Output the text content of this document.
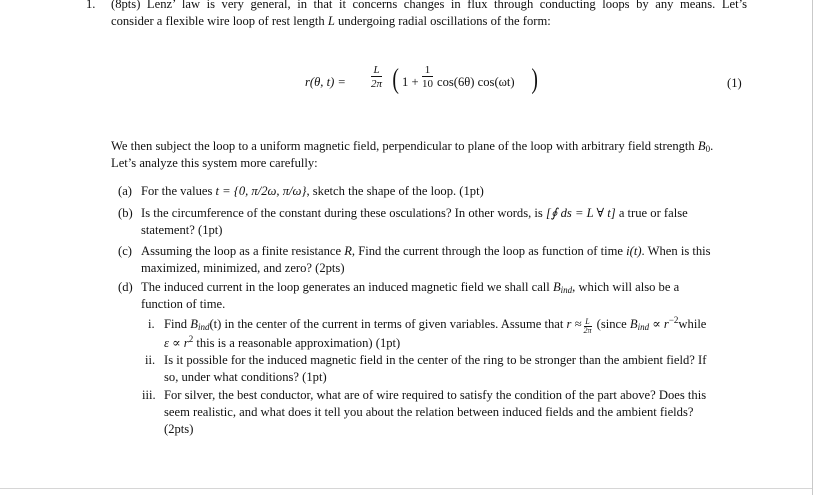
1. (8pts) Lenz’ law is very general, in that it concerns changes in flux through conducting loops by any means. Let’s
consider a flexible wire loop of rest length L undergoing radial oscillations of the form:
r(θ, $t) = \frac{L}{2\pi}$ ( $1 + \frac{1}{10} \cos(6\theta)$ cos(ωt) )	(1)
We then subject the loop to a uniform magnetic field, perpendicular to plane of the loop with arbitrary field strength $B_0$.
Let’s analyze this system more carefully:
(a) For the values t = {0, π/2ω, π/ω}, sketch the shape of the loop. (1pt)
(b) Is the circumference of the constant during these osculations? In other words, is [∮ ds = L ∀ t] a true or false
statement? (1pt)
(c) Assuming the loop as a finite resistance R, Find the current through the loop as function of time i(t). When is this
maximized, minimized, and zero? (2pts)
(d) The induced current in the loop generates an induced magnetic field we shall call $B_{ind}$, which will also be a
function of time.
i. Find $B_{ind}(t)$ in the center of the current in terms of given variables. Assume that $r \approx \frac{L}{2\pi}$ (since $B_{ind}$ ∝ $r^{-2}while$
$\varepsilon \propto r^2$ this is a reasonable approximation) (1pt)
ii. Is it possible for the induced magnetic field in the center of the ring to be stronger than the ambient field? If
so, under what conditions? (1pt)
iii. For silver, the best conductor, what are of wire required to satisfy the condition of the part above? Does this
seem realistic, and what does it tell you about the relation between induced fields and the ambient fields?
(2pts)
